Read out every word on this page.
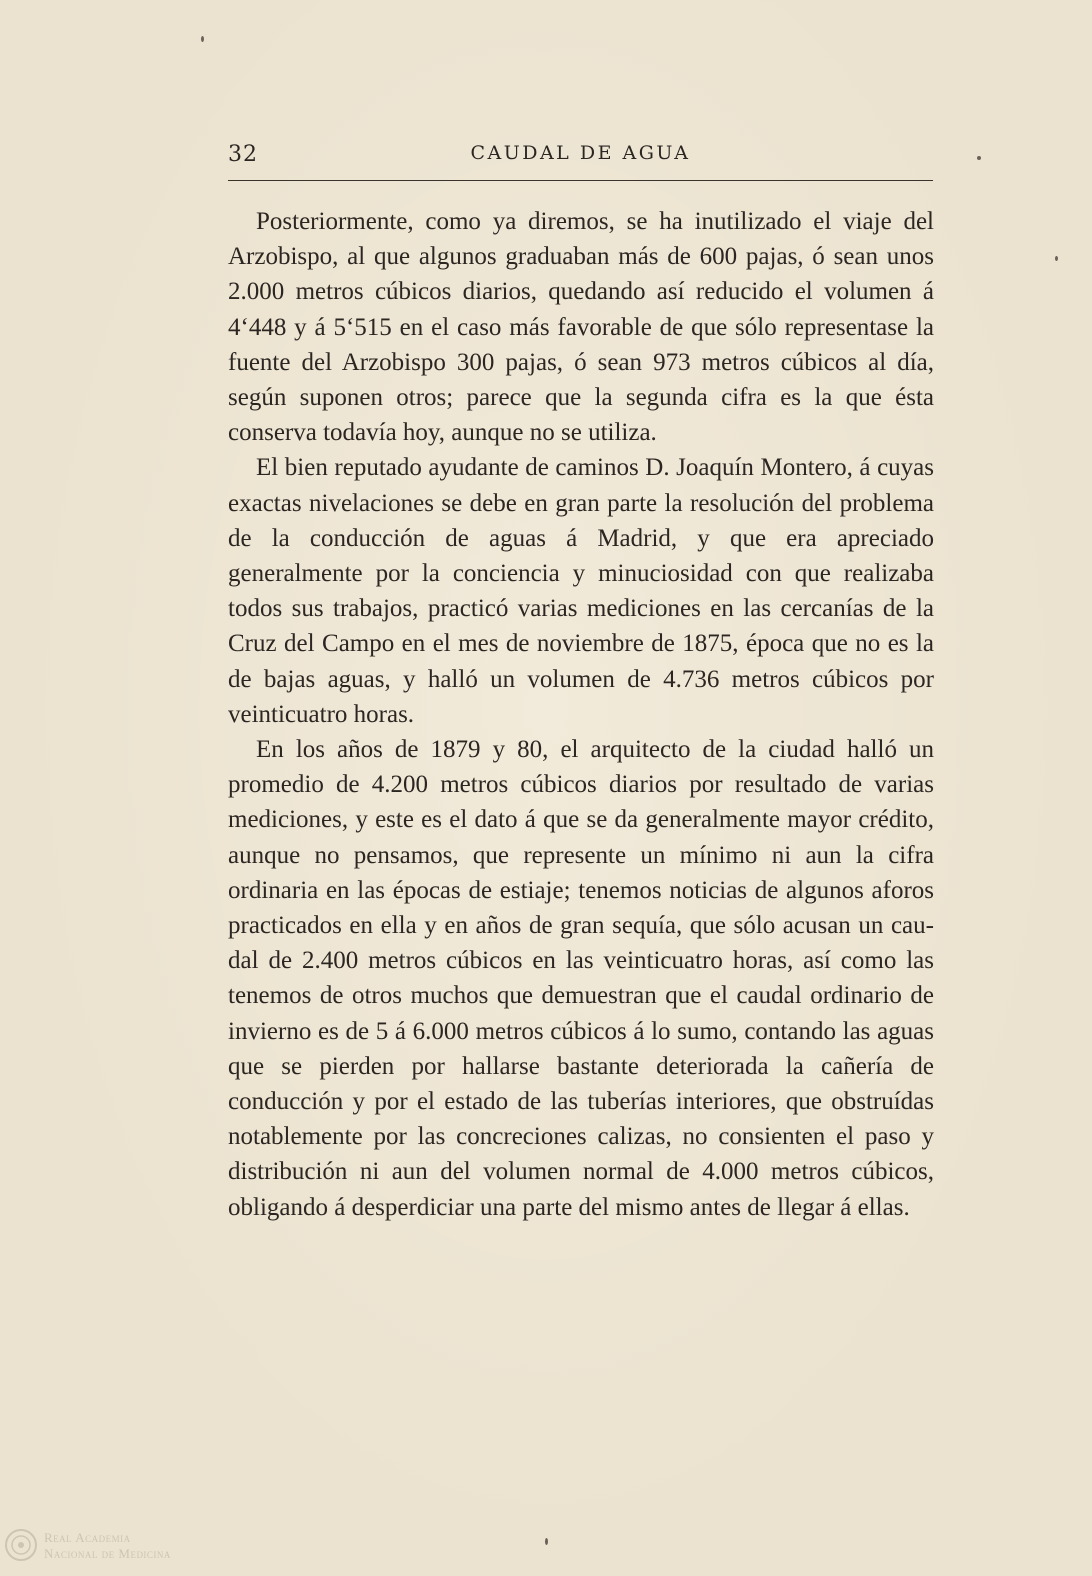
32	CAUDAL DE AGUA

Posteriormente, como ya diremos, se ha inutilizado el viaje del Arzobispo, al que algunos graduaban más de 600 pajas, ó sean unos 2.000 metros cúbicos diarios, quedando así reducido el volumen á 4‘448 y á 5‘515 en el caso más favorable de que sólo representase la fuente del Arzobispo 300 pajas, ó sean 973 metros cúbicos al día, según suponen otros; parece que la segunda cifra es la que ésta conserva todavía hoy, aunque no se utiliza.

El bien reputado ayudante de caminos D. Joaquín Montero, á cuyas exactas nivelaciones se debe en gran parte la resolución del problema de la conducción de aguas á Madrid, y que era apreciado generalmente por la conciencia y minuciosidad con que realizaba todos sus trabajos, practicó varias mediciones en las cercanías de la Cruz del Campo en el mes de noviembre de 1875, época que no es la de bajas aguas, y halló un volumen de 4.736 metros cúbicos por veinticuatro horas.

En los años de 1879 y 80, el arquitecto de la ciudad halló un promedio de 4.200 metros cúbicos diarios por resultado de varias mediciones, y este es el dato á que se da generalmente mayor crédito, aunque no pensamos, que represente un mínimo ni aun la cifra ordinaria en las épocas de estiaje; tenemos noticias de algunos aforos practicados en ella y en años de gran sequía, que sólo acusan un caudal de 2.400 metros cúbicos en las veinticuatro horas, así como las tenemos de otros muchos que demuestran que el caudal ordinario de invierno es de 5 á 6.000 metros cúbicos á lo sumo, contando las aguas que se pierden por hallarse bastante deteriorada la cañería de conducción y por el estado de las tuberías interiores, que obstruídas notablemente por las concreciones calizas, no consienten el paso y distribución ni aun del volumen normal de 4.000 metros cúbicos, obligando á desperdiciar una parte del mismo antes de llegar á ellas.

Real Academia
Nacional de Medicina
